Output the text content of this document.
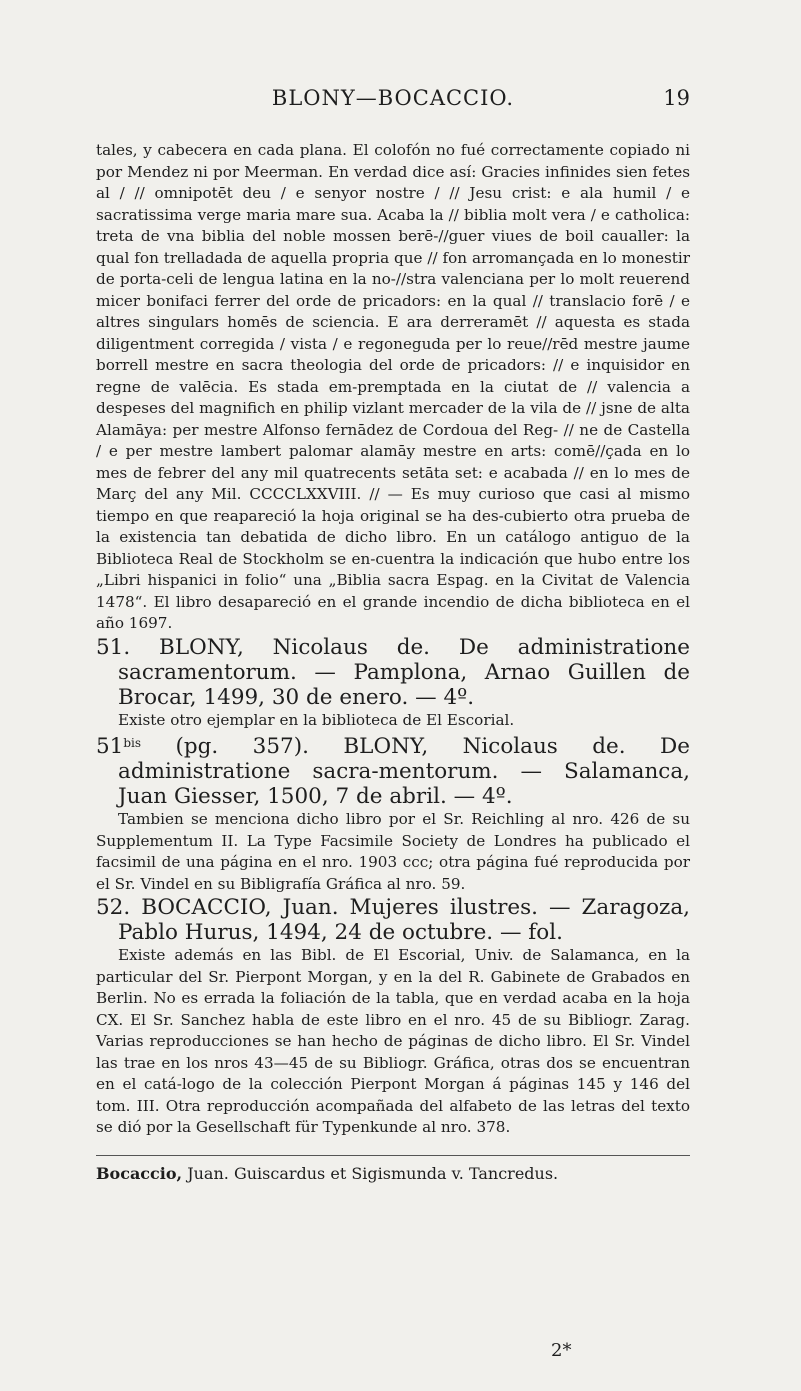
BLONY—BOCACCIO.	19

tales, y cabecera en cada plana. El colofón no fué correctamente copiado ni por Mendez ni por Meerman. En verdad dice así: Gracies infinides sien fetes al / // omnipotēt deu / e senyor nostre / // Jesu crist: e ala humil / e sacratissima verge maria mare sua. Acaba la // biblia molt vera / e catholica: treta de vna biblia del noble mossen berē-//guer viues de boil caualler: la qual fon trelladada de aquella propria que // fon arromançada en lo monestir de porta-celi de lengua latina en la no-//stra valenciana per lo molt reuerend micer bonifaci ferrer del orde de pricadors: en la qual // translacio forē / e altres singulars homēs de sciencia. E ara derreramēt // aquesta es stada diligentment corregida / vista / e regoneguda per lo reue//rēd mestre jaume borrell mestre en sacra theologia del orde de pricadors: // e inquisidor en regne de valēcia. Es stada em-premptada en la ciutat de // valencia a despeses del magnifich en philip vizlant mercader de la vila de // jsne de alta Alamāya: per mestre Alfonso fernādez de Cordoua del Reg- // ne de Castella / e per mestre lambert palomar alamāy mestre en arts: comē//çada en lo mes de febrer del any mil quatrecents setāta set: e acabada // en lo mes de Març del any Mil. CCCCLXXVIII. // — Es muy curioso que casi al mismo tiempo en que reapareció la hoja original se ha des-cubierto otra prueba de la existencia tan debatida de dicho libro. En un catálogo antiguo de la Biblioteca Real de Stockholm se en-cuentra la indicación que hubo entre los „Libri hispanici in folio“ una „Biblia sacra Espag. en la Civitat de Valencia 1478“. El libro desapareció en el grande incendio de dicha biblioteca en el año 1697.

51. BLONY, Nicolaus de. De administratione sacramentorum. — Pamplona, Arnao Guillen de Brocar, 1499, 30 de enero. — 4º.

Existe otro ejemplar en la biblioteca de El Escorial.

$51^{bis}$ (pg. 357). BLONY, Nicolaus de. De administratione sacra-mentorum. — Salamanca, Juan Giesser, 1500, 7 de abril. — 4º.

Tambien se menciona dicho libro por el Sr. Reichling al nro. 426 de su Supplementum II. La Type Facsimile Society de Londres ha publicado el facsimil de una página en el nro. 1903 ccc; otra página fué reproducida por el Sr. Vindel en su Bibligrafía Gráfica al nro. 59.

52. BOCACCIO, Juan. Mujeres ilustres. — Zaragoza, Pablo Hurus, 1494, 24 de octubre. — fol.

Existe además en las Bibl. de El Escorial, Univ. de Salamanca, en la particular del Sr. Pierpont Morgan, y en la del R. Gabinete de Grabados en Berlin. No es errada la foliación de la tabla, que en verdad acaba en la hoja CX. El Sr. Sanchez habla de este libro en el nro. 45 de su Bibliogr. Zarag. Varias reproducciones se han hecho de páginas de dicho libro. El Sr. Vindel las trae en los nros 43—45 de su Bibliogr. Gráfica, otras dos se encuentran en el catá-logo de la colección Pierpont Morgan á páginas 145 y 146 del tom. III. Otra reproducción acompañada del alfabeto de las letras del texto se dió por la Gesellschaft für Typenkunde al nro. 378.

Bocaccio, Juan. Guiscardus et Sigismunda v. Tancredus.

2*
